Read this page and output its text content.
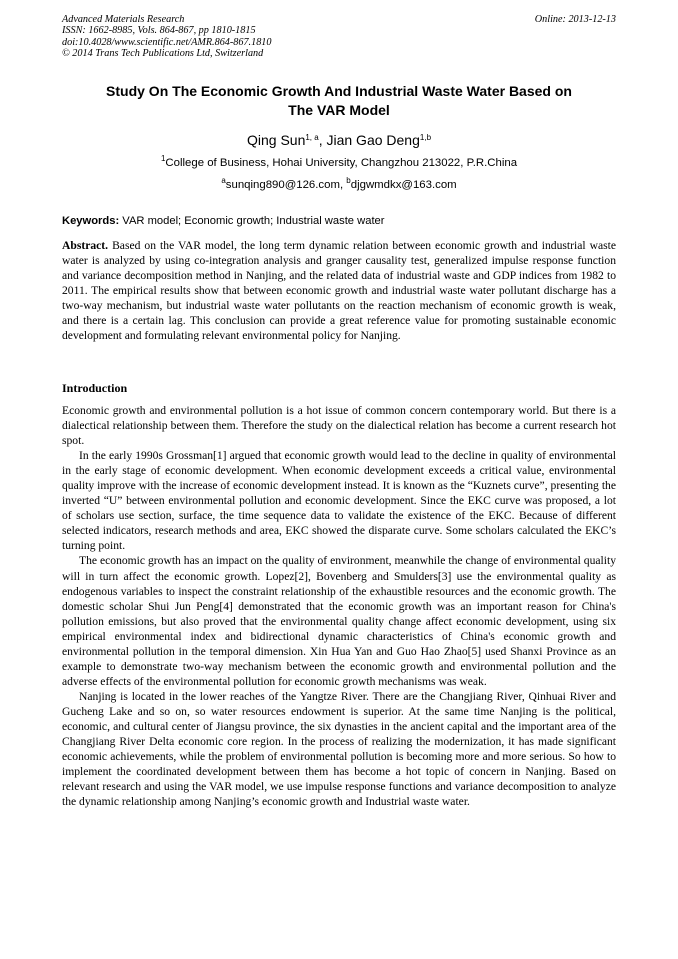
Advanced Materials Research
ISSN: 1662-8985, Vols. 864-867, pp 1810-1815
doi:10.4028/www.scientific.net/AMR.864-867.1810
© 2014 Trans Tech Publications Ltd, Switzerland
Online: 2013-12-13
Study On The Economic Growth And Industrial Waste Water Based on
The VAR Model
Qing Sun$^{1, a}$, Jian Gao Deng$^{1,b}$
$^1$College of Business, Hohai University, Changzhou 213022, P.R.China
$^a$sunqing890@126.com, $^b$djgwmdkx@163.com
Keywords: VAR model; Economic growth; Industrial waste water
Abstract. Based on the VAR model, the long term dynamic relation between economic growth and industrial waste water is analyzed by using co-integration analysis and granger causality test, generalized impulse response function and variance decomposition method in Nanjing, and the related data of industrial waste and GDP indices from 1982 to 2011. The empirical results show that between economic growth and industrial waste water pollutant discharge has a two-way mechanism, but industrial waste water pollutants on the reaction mechanism of economic growth is weak, and there is a certain lag. This conclusion can provide a great reference value for promoting sustainable economic development and formulating relevant environmental policy for Nanjing.
Introduction

Economic growth and environmental pollution is a hot issue of common concern contemporary world. But there is a dialectical relationship between them. Therefore the study on the dialectical relation has become a current research hot spot.

In the early 1990s Grossman[1] argued that economic growth would lead to the decline in quality of environmental in the early stage of economic development. When economic development exceeds a critical value, environmental quality improve with the increase of economic development instead. It is known as the “Kuznets curve”, presenting the inverted “U” between environmental pollution and economic development. Since the EKC curve was proposed, a lot of scholars use section, surface, the time sequence data to validate the existence of the EKC. Because of different selected indicators, research methods and area, EKC showed the disparate curve. Some scholars calculated the EKC’s turning point.

The economic growth has an impact on the quality of environment, meanwhile the change of environmental quality will in turn affect the economic growth. Lopez[2], Bovenberg and Smulders[3] use the environmental quality as endogenous variables to inspect the constraint relationship of the exhaustible resources and the economic growth. The domestic scholar Shui Jun Peng[4] demonstrated that the economic growth was an important reason for China's pollution emissions, but also proved that the environmental quality change affect economic development, using six empirical environmental index and bidirectional dynamic characteristics of China's economic growth and environmental pollution in the temporal dimension. Xin Hua Yan and Guo Hao Zhao[5] used Shanxi Province as an example to demonstrate two-way mechanism between the economic growth and environmental pollution and the adverse effects of the environmental pollution for economic growth mechanisms was weak.

Nanjing is located in the lower reaches of the Yangtze River. There are the Changjiang River, Qinhuai River and Gucheng Lake and so on, so water resources endowment is superior. At the same time Nanjing is the political, economic, and cultural center of Jiangsu province, the six dynasties in the ancient capital and the important area of the Changjiang River Delta economic core region. In the process of realizing the modernization, it has made significant economic achievements, while the problem of environmental pollution is becoming more and more serious. So how to implement the coordinated development between them has become a hot topic of concern in Nanjing. Based on relevant research and using the VAR model, we use impulse response functions and variance decomposition to analyze the dynamic relationship among Nanjing’s economic growth and Industrial waste water.
